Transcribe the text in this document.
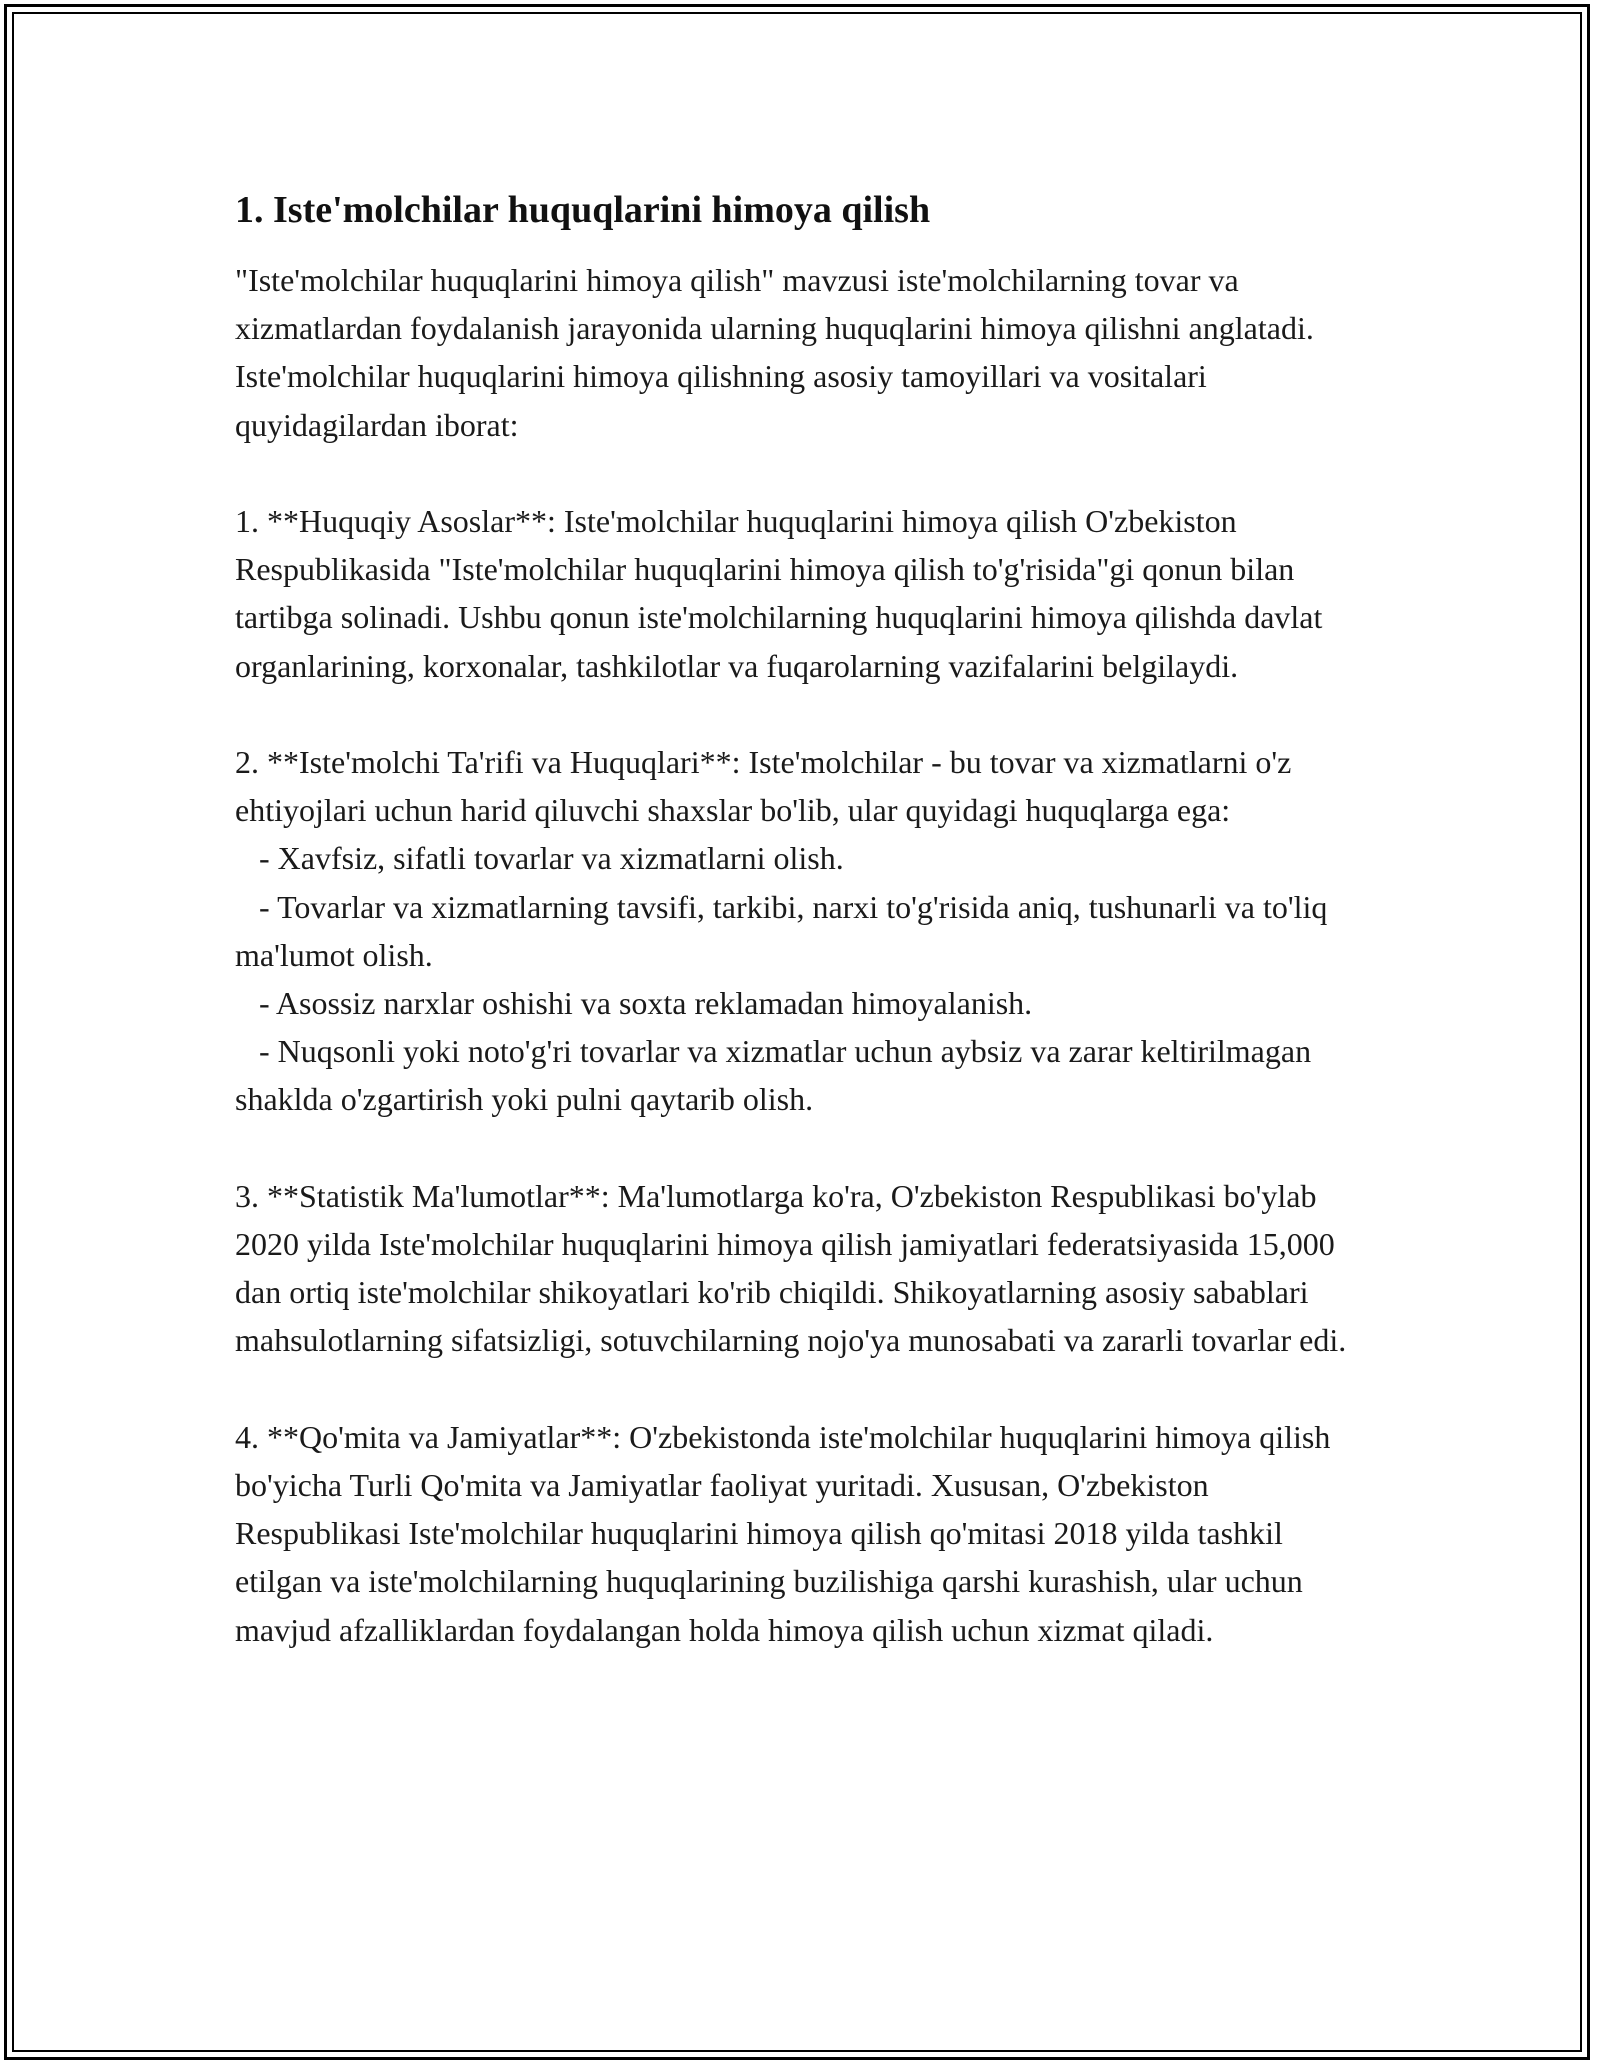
1. Iste'molchilar huquqlarini himoya qilish

"Iste'molchilar huquqlarini himoya qilish" mavzusi iste'molchilarning tovar va xizmatlardan foydalanish jarayonida ularning huquqlarini himoya qilishni anglatadi. Iste'molchilar huquqlarini himoya qilishning asosiy tamoyillari va vositalari quyidagilardan iborat:

1. **Huquqiy Asoslar**: Iste'molchilar huquqlarini himoya qilish O'zbekiston Respublikasida "Iste'molchilar huquqlarini himoya qilish to'g'risida"gi qonun bilan tartibga solinadi. Ushbu qonun iste'molchilarning huquqlarini himoya qilishda davlat organlarining, korxonalar, tashkilotlar va fuqarolarning vazifalarini belgilaydi.

2. **Iste'molchi Ta'rifi va Huquqlari**: Iste'molchilar - bu tovar va xizmatlarni o'z ehtiyojlari uchun harid qiluvchi shaxslar bo'lib, ular quyidagi huquqlarga ega:

- Xavfsiz, sifatli tovarlar va xizmatlarni olish.

- Tovarlar va xizmatlarning tavsifi, tarkibi, narxi to'g'risida aniq, tushunarli va to'liq ma'lumot olish.

- Asossiz narxlar oshishi va soxta reklamadan himoyalanish.

- Nuqsonli yoki noto'g'ri tovarlar va xizmatlar uchun aybsiz va zarar keltirilmagan shaklda o'zgartirish yoki pulni qaytarib olish.

3. **Statistik Ma'lumotlar**: Ma'lumotlarga ko'ra, O'zbekiston Respublikasi bo'ylab 2020 yilda Iste'molchilar huquqlarini himoya qilish jamiyatlari federatsiyasida 15,000 dan ortiq iste'molchilar shikoyatlari ko'rib chiqildi. Shikoyatlarning asosiy sabablari mahsulotlarning sifatsizligi, sotuvchilarning nojo'ya munosabati va zararli tovarlar edi.

4. **Qo'mita va Jamiyatlar**: O'zbekistonda iste'molchilar huquqlarini himoya qilish bo'yicha Turli Qo'mita va Jamiyatlar faoliyat yuritadi. Xususan, O'zbekiston Respublikasi Iste'molchilar huquqlarini himoya qilish qo'mitasi 2018 yilda tashkil etilgan va iste'molchilarning huquqlarining buzilishiga qarshi kurashish, ular uchun mavjud afzalliklardan foydalangan holda himoya qilish uchun xizmat qiladi.
